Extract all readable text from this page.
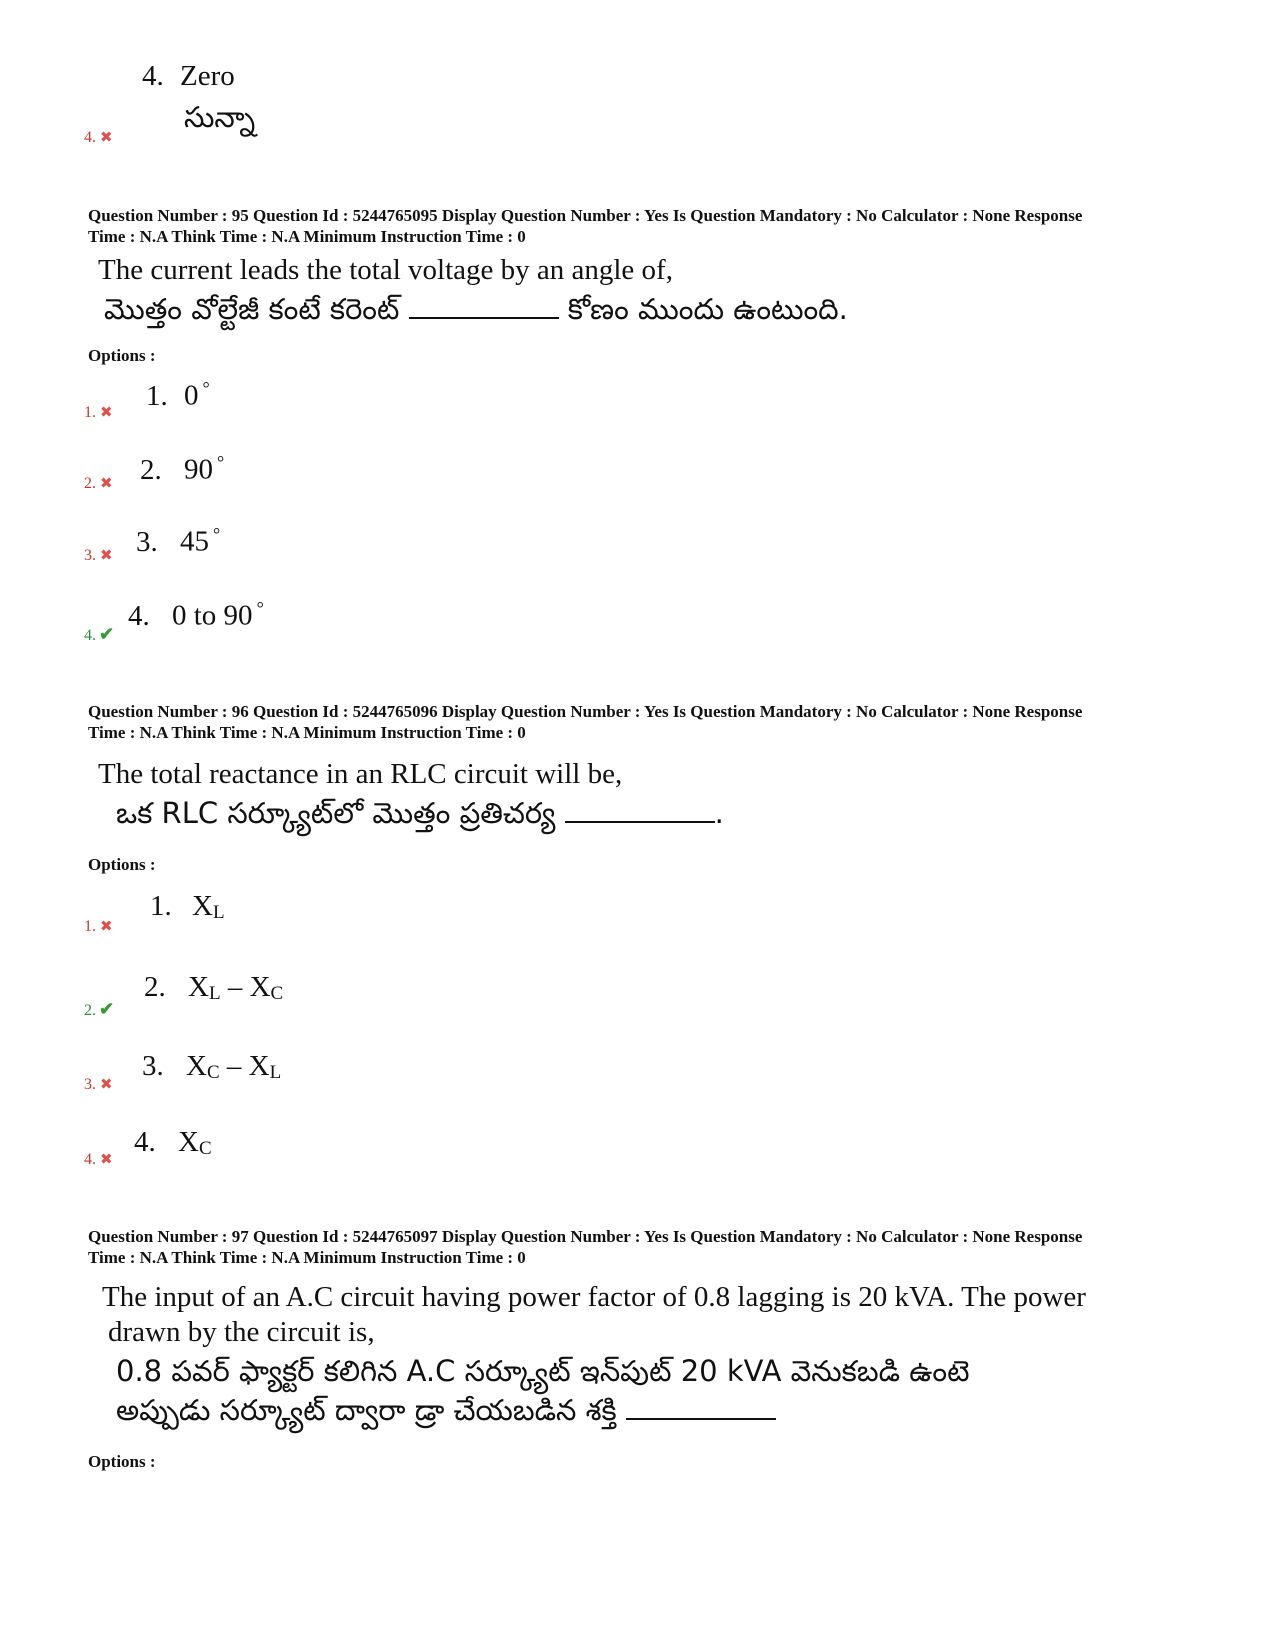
4. Zero
సున్నా
4. ✖
Question Number : 95 Question Id : 5244765095 Display Question Number : Yes Is Question Mandatory : No Calculator : None Response
Time : N.A Think Time : N.A Minimum Instruction Time : 0
The current leads the total voltage by an angle of,
మొత్తం వోల్టేజీ కంటే కరెంట్	కోణం ముందు ఉంటుంది.
Options :
1. 0 °
1. ✖
2. 90 °
2. ✖
3. 45 °
3. ✖
4. 0 to 90 °
4. ✔
Question Number : 96 Question Id : 5244765096 Display Question Number : Yes Is Question Mandatory : No Calculator : None Response
Time : N.A Think Time : N.A Minimum Instruction Time : 0
The total reactance in an RLC circuit will be,
ఒక RLC సర్క్యూట్‌లో మొత్తం ప్రతిచర్య	.
Options :
1. XL
1. ✖
2. XL – XC
2. ✔
3. XC – XL
3. ✖
4. XC
4. ✖
Question Number : 97 Question Id : 5244765097 Display Question Number : Yes Is Question Mandatory : No Calculator : None Response
Time : N.A Think Time : N.A Minimum Instruction Time : 0
The input of an A.C circuit having power factor of 0.8 lagging is 20 kVA. The power
drawn by the circuit is,
0.8 పవర్ ఫ్యాక్టర్ కలిగిన A.C సర్క్యూట్ ఇన్‌పుట్ 20 kVA వెనుకబడి ఉంటె
అప్పుడు సర్క్యూట్ ద్వారా డ్రా చేయబడిన శక్తి
Options :
